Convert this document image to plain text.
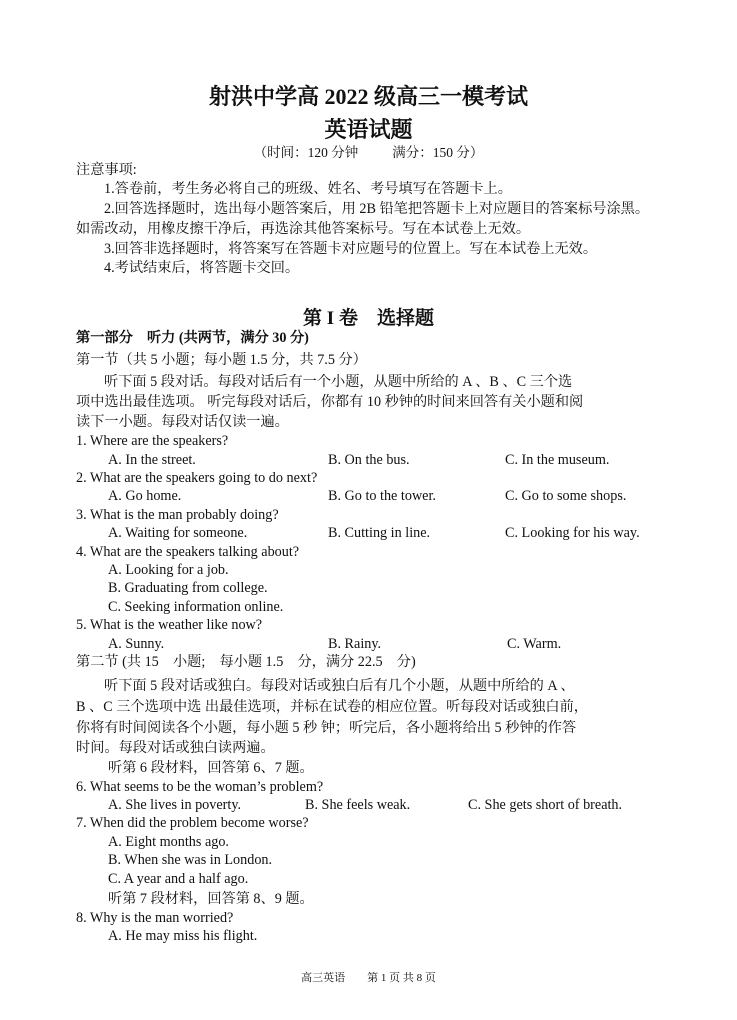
射洪中学高 2022 级高三一模考试
英语试题
（时间：120 分钟	满分：150 分）
注意事项:
1.答卷前，考生务必将自己的班级、姓名、考号填写在答题卡上。
2.回答选择题时，选出每小题答案后，用 2B 铅笔把答题卡上对应题目的答案标号涂黑。
如需改动，用橡皮擦干净后，再选涂其他答案标号。写在本试卷上无效。
3.回答非选择题时，将答案写在答题卡对应题号的位置上。写在本试卷上无效。
4.考试结束后，将答题卡交回。
第 I 卷　选择题
第一部分　听力 (共两节，满分 30 分)
第一节（共 5 小题；每小题 1.5 分，共 7.5 分）
听下面 5 段对话。每段对话后有一个小题，从题中所给的 A 、B 、C 三个选
项中选出最佳选项。 听完每段对话后，你都有 10 秒钟的时间来回答有关小题和阅
读下一小题。每段对话仅读一遍。
1. Where are the speakers?
A. In the street.	B. On the bus.	C. In the museum.
2. What are the speakers going to do next?
A. Go home.	B. Go to the tower.	C. Go to some shops.
3. What is the man probably doing?
A. Waiting for someone.	B. Cutting in line.	C. Looking for his way.
4. What are the speakers talking about?
A. Looking for a job.
B. Graduating from college.
C. Seeking information online.
5. What is the weather like now?
A. Sunny.	B. Rainy.	C. Warm.
第二节 (共 15　小题;　每小题 1.5　分，满分 22.5　分)
听下面 5 段对话或独白。每段对话或独白后有几个小题，从题中所给的 A 、
B 、C 三个选项中选 出最佳选项，并标在试卷的相应位置。听每段对话或独白前，
你将有时间阅读各个小题，每小题 5 秒 钟；听完后，各小题将给出 5 秒钟的作答
时间。每段对话或独白读两遍。
听第 6 段材料，回答第 6、7 题。
6. What seems to be the woman’s problem?
A. She lives in poverty.	B. She feels weak.	C. She gets short of breath.
7. When did the problem become worse?
A. Eight months ago.
B. When she was in London.
C. A year and a half ago.
听第 7 段材料，回答第 8、9 题。
8. Why is the man worried?
A. He may miss his flight.
高三英语 第 1 页 共 8 页
